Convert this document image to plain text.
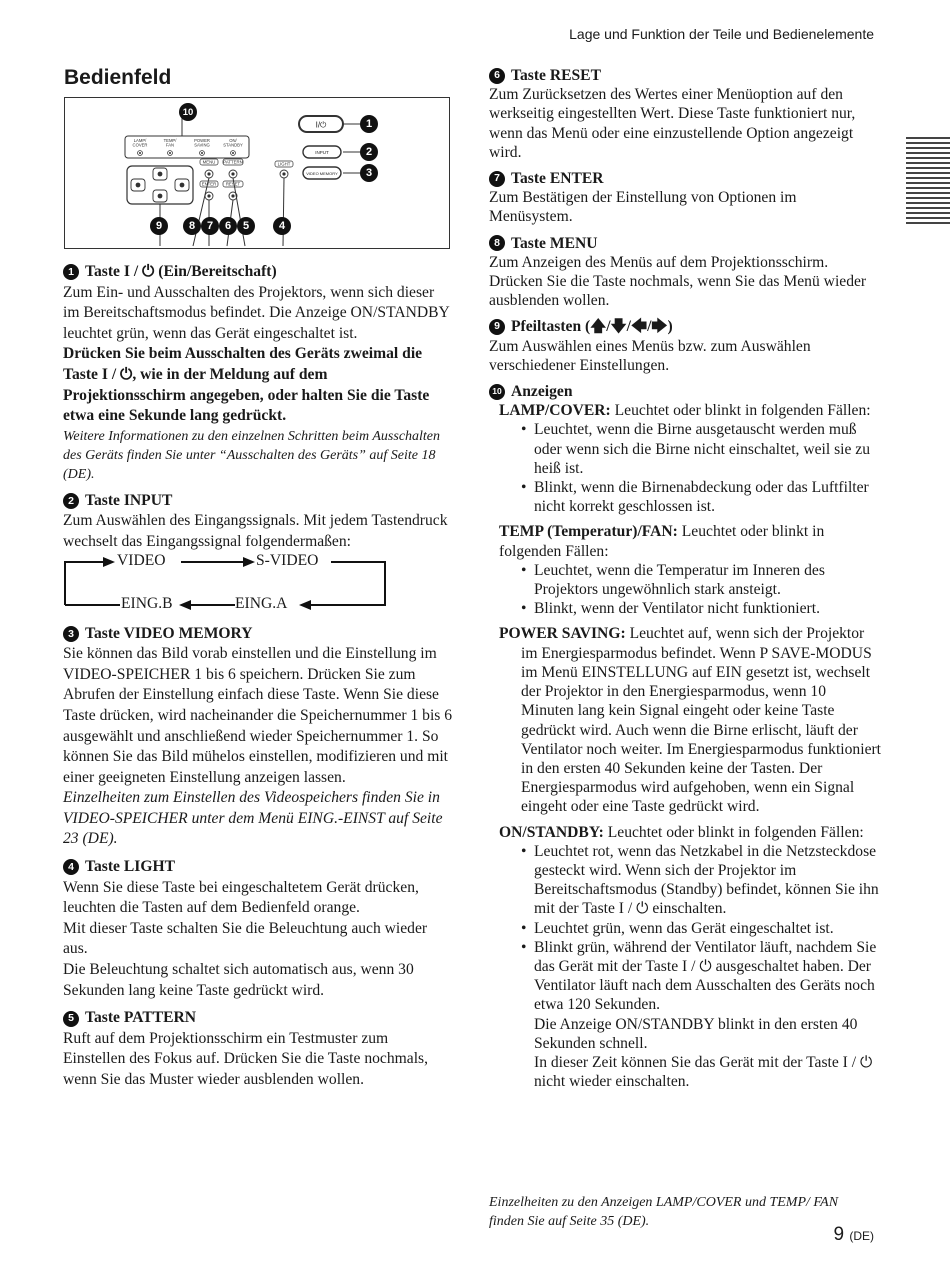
Lage und Funktion der Teile und Bedienelemente
Bedienfeld
LAMP/
COVER
TEMP/
FAN
POWER
SAVING
ON/
STANDBY
MENU PATTERN
ENTER RESET
LIGHT
I/⏻
INPUT
VIDEO MEMORY
10
1
2
3
9	8	7	6	5	4
1 Taste I / ⏻ (Ein/Bereitschaft)
Zum Ein- und Ausschalten des Projektors, wenn sich dieser im Bereitschaftsmodus befindet. Die Anzeige ON/STANDBY leuchtet grün, wenn das Gerät eingeschaltet ist.
Drücken Sie beim Ausschalten des Geräts zweimal die Taste I / ⏻, wie in der Meldung auf dem Projektionsschirm angegeben, oder halten Sie die Taste etwa eine Sekunde lang gedrückt.
Weitere Informationen zu den einzelnen Schritten beim Ausschalten des Geräts finden Sie unter “Ausschalten des Geräts” auf Seite 18 (DE).
2 Taste INPUT
Zum Auswählen des Eingangssignals. Mit jedem Tastendruck wechselt das Eingangssignal folgendermaßen:
VIDEO	S-VIDEO
EING.A
EING.B
3 Taste VIDEO MEMORY
Sie können das Bild vorab einstellen und die Einstellung im VIDEO-SPEICHER 1 bis 6 speichern. Drücken Sie zum Abrufen der Einstellung einfach diese Taste. Wenn Sie diese Taste drücken, wird nacheinander die Speichernummer 1 bis 6 ausgewählt und anschließend wieder Speichernummer 1. So können Sie das Bild mühelos einstellen, modifizieren und mit einer geeigneten Einstellung anzeigen lassen.
Einzelheiten zum Einstellen des Videospeichers finden Sie in VIDEO-SPEICHER unter dem Menü EING.-EINST auf Seite 23 (DE).
4 Taste LIGHT
Wenn Sie diese Taste bei eingeschaltetem Gerät drücken, leuchten die Tasten auf dem Bedienfeld orange.
Mit dieser Taste schalten Sie die Beleuchtung auch wieder aus.
Die Beleuchtung schaltet sich automatisch aus, wenn 30 Sekunden lang keine Taste gedrückt wird.
5 Taste PATTERN
Ruft auf dem Projektionsschirm ein Testmuster zum Einstellen des Fokus auf. Drücken Sie die Taste nochmals, wenn Sie das Muster wieder ausblenden wollen.
6 Taste RESET
Zum Zurücksetzen des Wertes einer Menüoption auf den werkseitig eingestellten Wert. Diese Taste funktioniert nur, wenn das Menü oder eine einzustellende Option angezeigt wird.
7 Taste ENTER
Zum Bestätigen der Einstellung von Optionen im Menüsystem.
8 Taste MENU
Zum Anzeigen des Menüs auf dem Projektionsschirm. Drücken Sie die Taste nochmals, wenn Sie das Menü wieder ausblenden wollen.
9 Pfeiltasten (🡅/🡇/🡄/🡆)
Zum Auswählen eines Menüs bzw. zum Auswählen verschiedener Einstellungen.
10 Anzeigen
LAMP/COVER: Leuchtet oder blinkt in folgenden Fällen:
• Leuchtet, wenn die Birne ausgetauscht werden muß oder wenn sich die Birne nicht einschaltet, weil sie zu heiß ist.
• Blinkt, wenn die Birnenabdeckung oder das Luftfilter nicht korrekt geschlossen ist.
TEMP (Temperatur)/FAN: Leuchtet oder blinkt in folgenden Fällen:
• Leuchtet, wenn die Temperatur im Inneren des Projektors ungewöhnlich stark ansteigt.
• Blinkt, wenn der Ventilator nicht funktioniert.
POWER SAVING: Leuchtet auf, wenn sich der Projektor im Energiesparmodus befindet. Wenn P SAVE-MODUS im Menü EINSTELLUNG auf EIN gesetzt ist, wechselt der Projektor in den Energiesparmodus, wenn 10 Minuten lang kein Signal eingeht oder keine Taste gedrückt wird. Auch wenn die Birne erlischt, läuft der Ventilator noch weiter. Im Energiesparmodus funktioniert in den ersten 40 Sekunden keine der Tasten. Der Energiesparmodus wird aufgehoben, wenn ein Signal eingeht oder eine Taste gedrückt wird.
ON/STANDBY: Leuchtet oder blinkt in folgenden Fällen:
• Leuchtet rot, wenn das Netzkabel in die Netzsteckdose gesteckt wird. Wenn sich der Projektor im Bereitschaftsmodus (Standby) befindet, können Sie ihn mit der Taste I / ⏻ einschalten.
• Leuchtet grün, wenn das Gerät eingeschaltet ist.
• Blinkt grün, während der Ventilator läuft, nachdem Sie das Gerät mit der Taste I / ⏻ ausgeschaltet haben. Der Ventilator läuft nach dem Ausschalten des Geräts noch etwa 120 Sekunden.
Die Anzeige ON/STANDBY blinkt in den ersten 40 Sekunden schnell.
In dieser Zeit können Sie das Gerät mit der Taste I / ⏻ nicht wieder einschalten.
Einzelheiten zu den Anzeigen LAMP/COVER und TEMP/ FAN finden Sie auf Seite 35 (DE).
9 (DE)
